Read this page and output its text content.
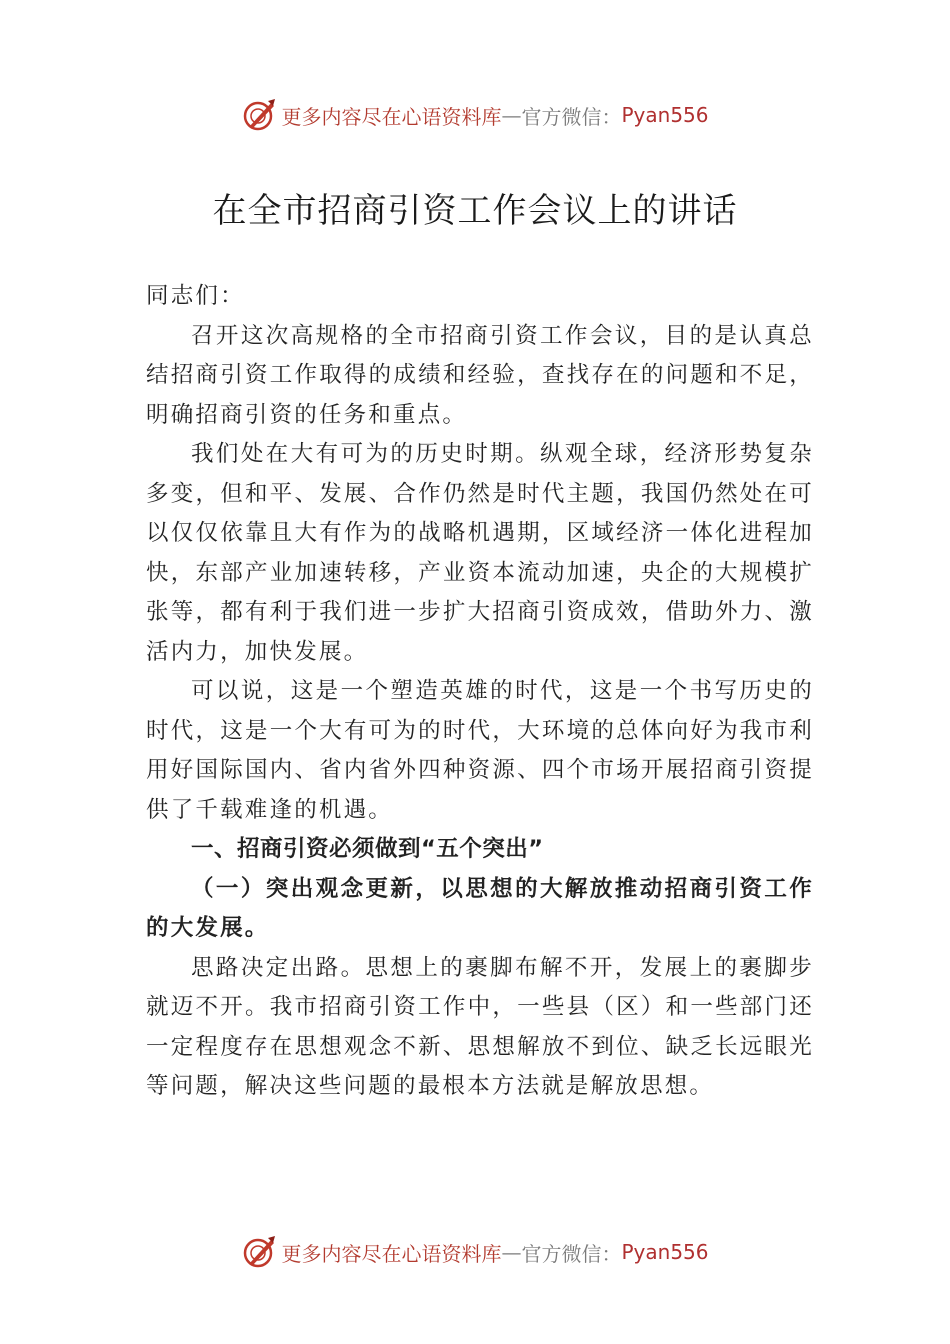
更多内容尽在心语资料库 — 官方微信： Pyan556
在全市招商引资工作会议上的讲话

同志们：

召开这次高规格的全市招商引资工作会议，目的是认真总结招商引资工作取得的成绩和经验，查找存在的问题和不足，明确招商引资的任务和重点。

我们处在大有可为的历史时期。纵观全球，经济形势复杂多变，但和平、发展、合作仍然是时代主题，我国仍然处在可以仅仅依靠且大有作为的战略机遇期，区域经济一体化进程加快，东部产业加速转移，产业资本流动加速，央企的大规模扩张等，都有利于我们进一步扩大招商引资成效，借助外力、激活内力，加快发展。

可以说，这是一个塑造英雄的时代，这是一个书写历史的时代，这是一个大有可为的时代，大环境的总体向好为我市利用好国际国内、省内省外四种资源、四个市场开展招商引资提供了千载难逢的机遇。

一、招商引资必须做到“五个突出”

（一）突出观念更新，以思想的大解放推动招商引资工作的大发展。

思路决定出路。思想上的裹脚布解不开，发展上的裹脚步就迈不开。我市招商引资工作中，一些县（区）和一些部门还一定程度存在思想观念不新、思想解放不到位、缺乏长远眼光等问题，解决这些问题的最根本方法就是解放思想。

更多内容尽在心语资料库 — 官方微信： Pyan556
